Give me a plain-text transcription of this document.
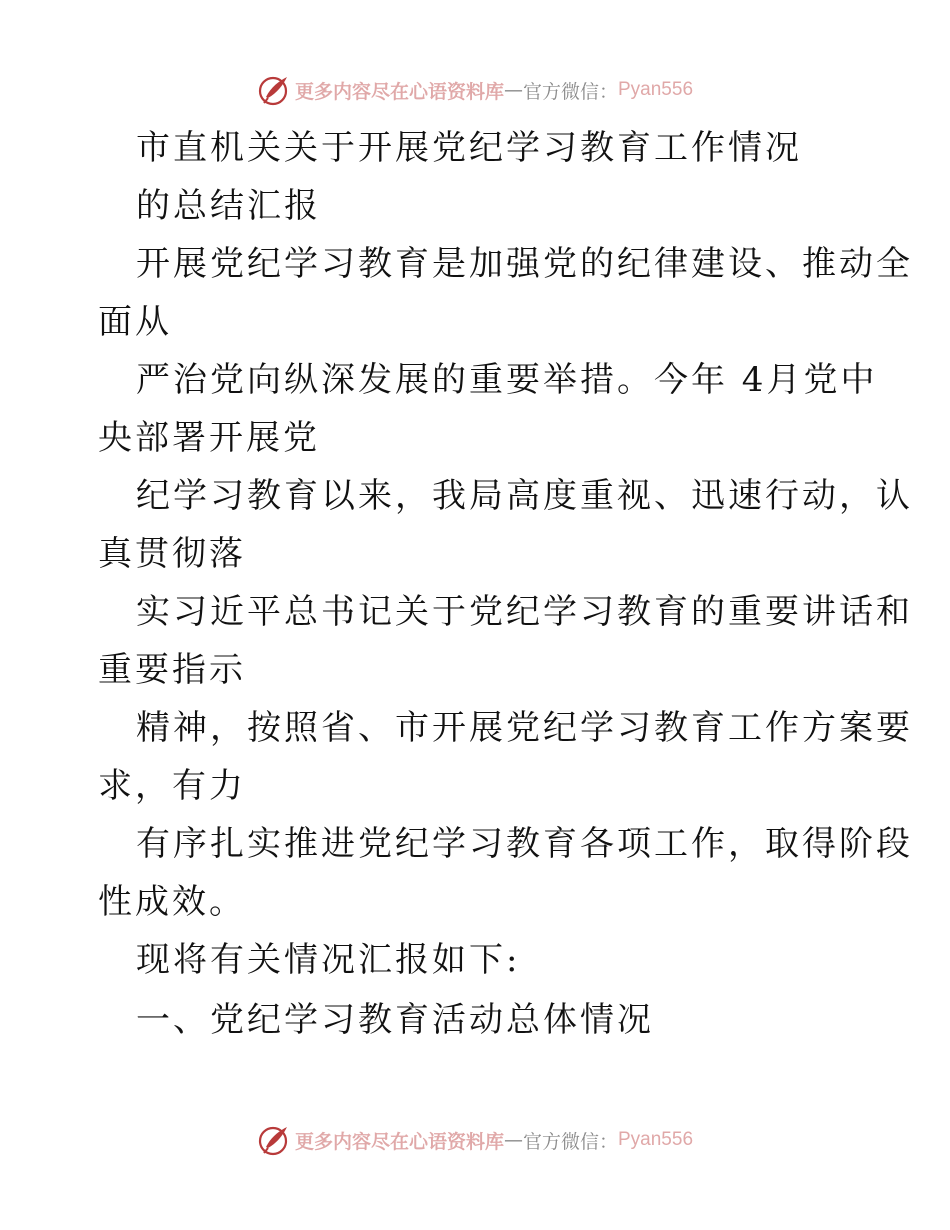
更多内容尽在心语资料库 — 官方微信： Pyan556
市直机关关于开展党纪学习教育工作情况
的总结汇报
开展党纪学习教育是加强党的纪律建设、推动全
面从
严治党向纵深发展的重要举措。今年 4月党中
央部署开展党
纪学习教育以来，我局高度重视、迅速行动，认
真贯彻落
实习近平总书记关于党纪学习教育的重要讲话和
重要指示
精神，按照省、市开展党纪学习教育工作方案要
求，有力
有序扎实推进党纪学习教育各项工作，取得阶段
性成效。
现将有关情况汇报如下:
一、党纪学习教育活动总体情况
更多内容尽在心语资料库 — 官方微信： Pyan556
